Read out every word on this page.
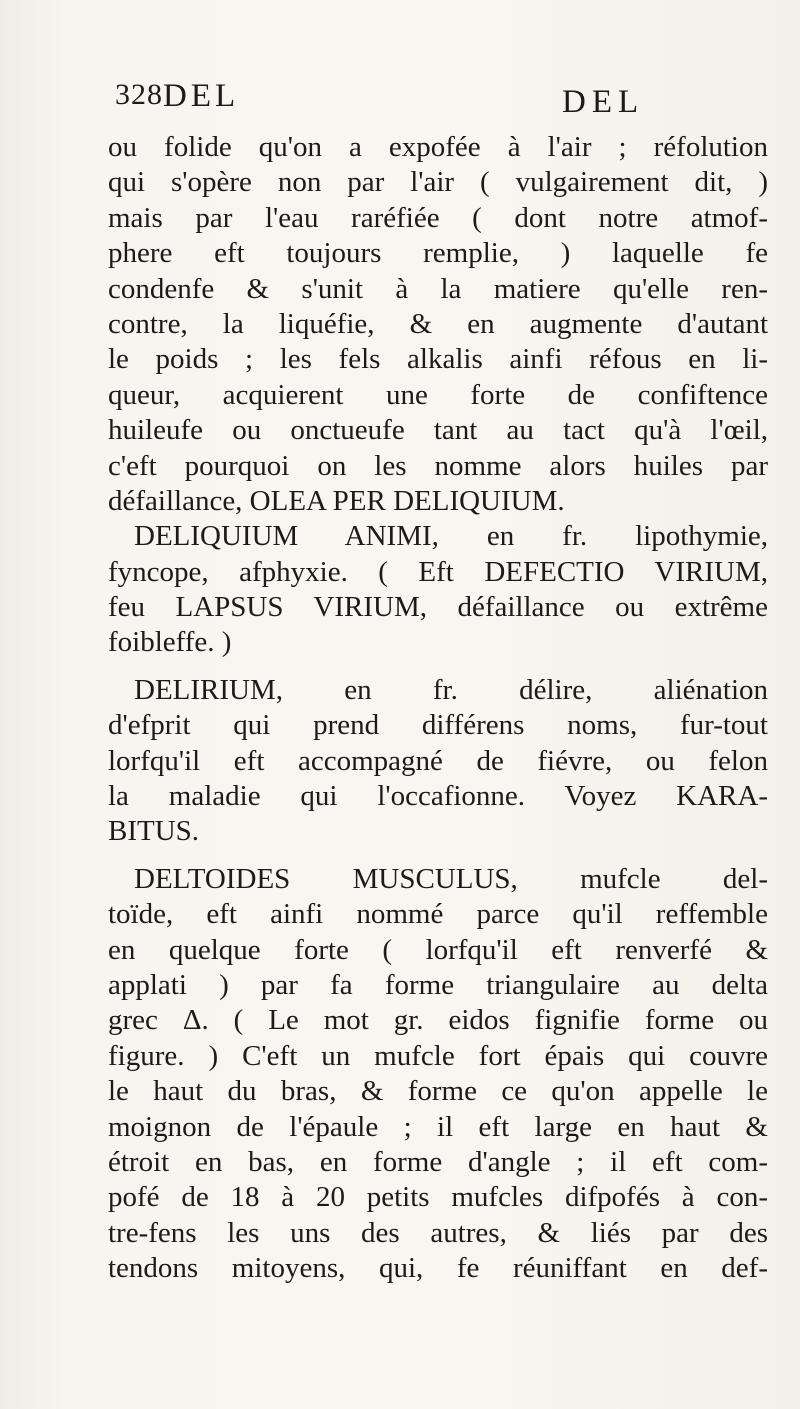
328 DEL	DEL
ou folide qu'on a expofée à l'air ; réfolution
qui s'opère non par l'air ( vulgairement dit, )
mais par l'eau raréfiée ( dont notre atmof-
phere eft toujours remplie, ) laquelle fe
condenfe & s'unit à la matiere qu'elle ren-
contre, la liquéfie, & en augmente d'autant
le poids ; les fels alkalis ainfi réfous en li-
queur, acquierent une forte de confiftence
huileufe ou onctueufe tant au tact qu'à l'œil,
c'eft pourquoi on les nomme alors huiles par
défaillance, OLEA PER DELIQUIUM.
DELIQUIUM ANIMI, en fr. lipothymie,
fyncope, afphyxie. ( Eft DEFECTIO VIRIUM,
feu LAPSUS VIRIUM, défaillance ou extrême
foibleffe. )
DELIRIUM, en fr. délire, aliénation
d'efprit qui prend différens noms, fur-tout
lorfqu'il eft accompagné de fiévre, ou felon
la maladie qui l'occafionne. Voyez KARA-
BITUS.
DELTOIDES MUSCULUS, mufcle del-
toïde, eft ainfi nommé parce qu'il reffemble
en quelque forte ( lorfqu'il eft renverfé &
applati ) par fa forme triangulaire au delta
grec Δ. ( Le mot gr. eidos fignifie forme ou
figure. ) C'eft un mufcle fort épais qui couvre
le haut du bras, & forme ce qu'on appelle le
moignon de l'épaule ; il eft large en haut &
étroit en bas, en forme d'angle ; il eft com-
pofé de 18 à 20 petits mufcles difpofés à con-
tre-fens les uns des autres, & liés par des
tendons mitoyens, qui, fe réuniffant en def-
